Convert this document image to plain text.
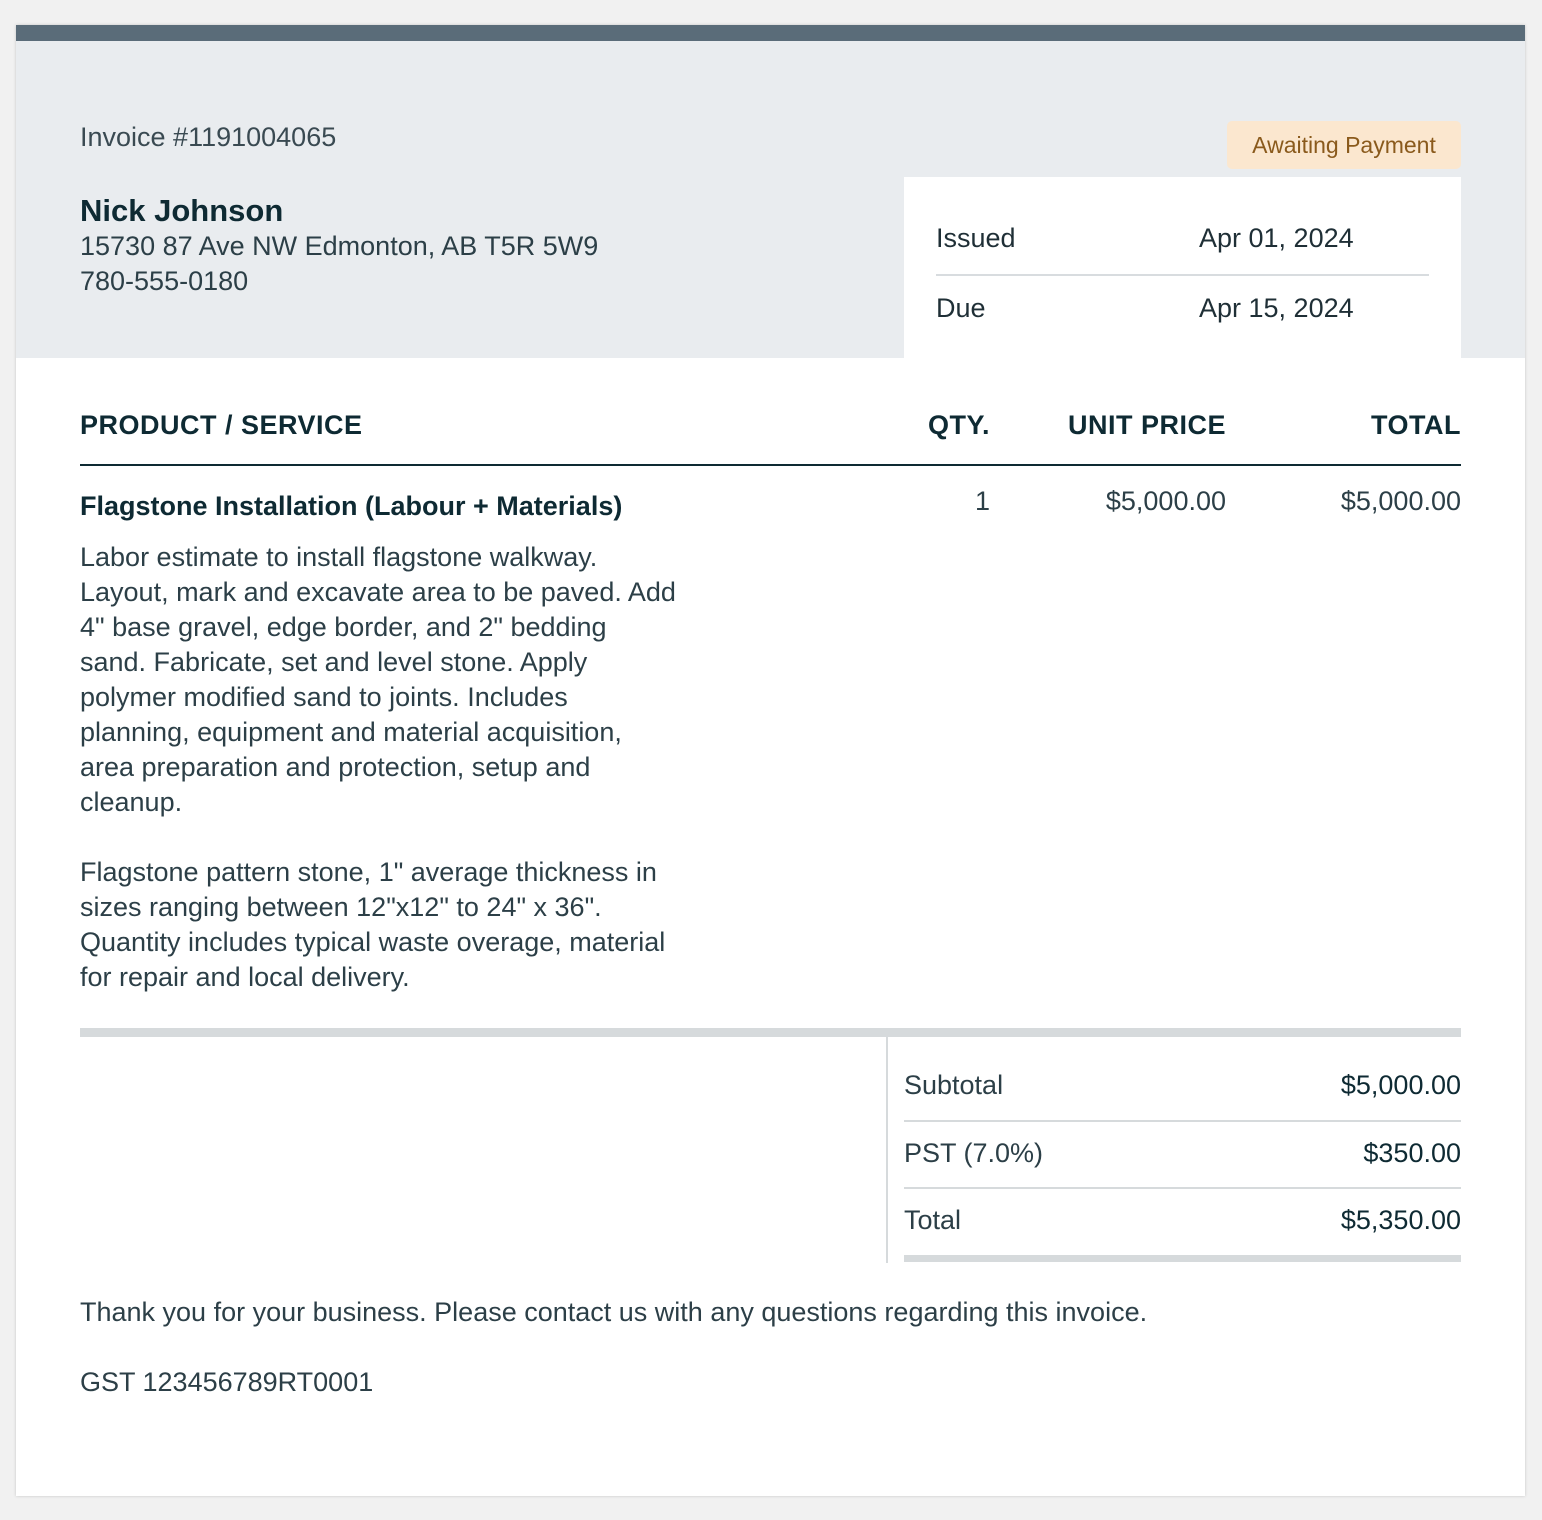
Invoice #1191004065
Nick Johnson
15730 87 Ave NW Edmonton, AB T5R 5W9
780-555-0180
Awaiting Payment
Issued	Apr 01, 2024
Due	Apr 15, 2024
PRODUCT / SERVICE	QTY.	UNIT PRICE	TOTAL
Flagstone Installation (Labour + Materials)
Labor estimate to install flagstone walkway.
Layout, mark and excavate area to be paved. Add
4" base gravel, edge border, and 2" bedding
sand. Fabricate, set and level stone. Apply
polymer modified sand to joints. Includes
planning, equipment and material acquisition,
area preparation and protection, setup and
cleanup.

Flagstone pattern stone, 1" average thickness in
sizes ranging between 12"x12" to 24" x 36".
Quantity includes typical waste overage, material
for repair and local delivery.
1	$5,000.00	$5,000.00
Subtotal	$5,000.00
PST (7.0%)	$350.00
Total	$5,350.00
Thank you for your business. Please contact us with any questions regarding this invoice.
GST 123456789RT0001
